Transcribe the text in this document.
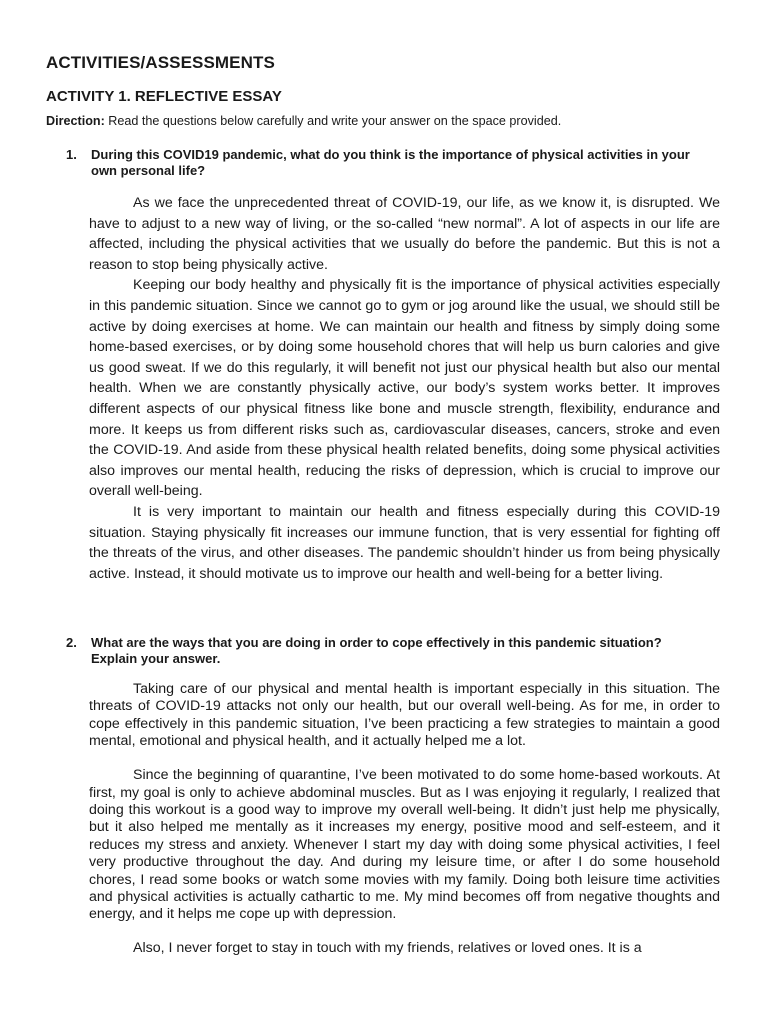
ACTIVITIES/ASSESSMENTS
ACTIVITY 1. REFLECTIVE ESSAY
Direction: Read the questions below carefully and write your answer on the space provided.
1. During this COVID19 pandemic, what do you think is the importance of physical activities in your own personal life?

As we face the unprecedented threat of COVID-19, our life, as we know it, is disrupted. We have to adjust to a new way of living, or the so-called “new normal”. A lot of aspects in our life are affected, including the physical activities that we usually do before the pandemic. But this is not a reason to stop being physically active.

Keeping our body healthy and physically fit is the importance of physical activities especially in this pandemic situation. Since we cannot go to gym or jog around like the usual, we should still be active by doing exercises at home. We can maintain our health and fitness by simply doing some home-based exercises, or by doing some household chores that will help us burn calories and give us good sweat. If we do this regularly, it will benefit not just our physical health but also our mental health. When we are constantly physically active, our body’s system works better. It improves different aspects of our physical fitness like bone and muscle strength, flexibility, endurance and more. It keeps us from different risks such as, cardiovascular diseases, cancers, stroke and even the COVID-19. And aside from these physical health related benefits, doing some physical activities also improves our mental health, reducing the risks of depression, which is crucial to improve our overall well-being.

It is very important to maintain our health and fitness especially during this COVID-19 situation. Staying physically fit increases our immune function, that is very essential for fighting off the threats of the virus, and other diseases. The pandemic shouldn’t hinder us from being physically active. Instead, it should motivate us to improve our health and well-being for a better living.

2. What are the ways that you are doing in order to cope effectively in this pandemic situation? Explain your answer.

Taking care of our physical and mental health is important especially in this situation. The threats of COVID-19 attacks not only our health, but our overall well-being. As for me, in order to cope effectively in this pandemic situation, I’ve been practicing a few strategies to maintain a good mental, emotional and physical health, and it actually helped me a lot.

Since the beginning of quarantine, I’ve been motivated to do some home-based workouts. At first, my goal is only to achieve abdominal muscles. But as I was enjoying it regularly, I realized that doing this workout is a good way to improve my overall well-being. It didn’t just help me physically, but it also helped me mentally as it increases my energy, positive mood and self-esteem, and it reduces my stress and anxiety. Whenever I start my day with doing some physical activities, I feel very productive throughout the day. And during my leisure time, or after I do some household chores, I read some books or watch some movies with my family. Doing both leisure time activities and physical activities is actually cathartic to me. My mind becomes off from negative thoughts and energy, and it helps me cope up with depression.

Also, I never forget to stay in touch with my friends, relatives or loved ones. It is a
